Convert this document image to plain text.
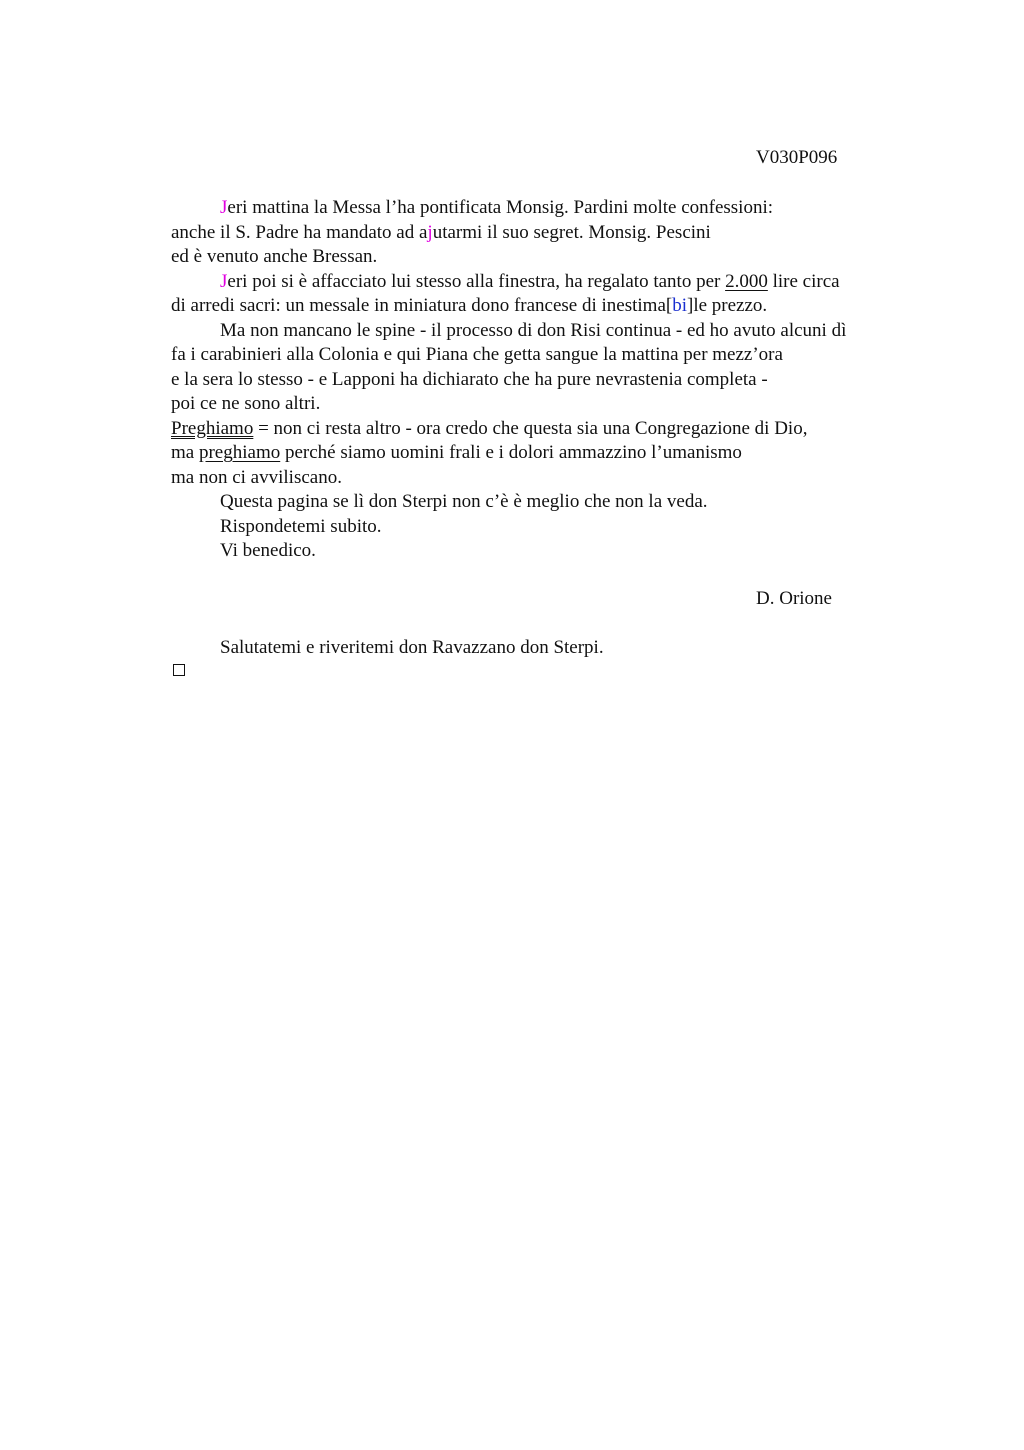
V030P096
Jeri mattina la Messa l’ha pontificata Monsig. Pardini molte confessioni:
anche il S. Padre ha mandato ad ajutarmi il suo segret. Monsig. Pescini
ed è venuto anche Bressan.
Jeri poi si è affacciato lui stesso alla finestra, ha regalato tanto per 2.000 lire circa
di arredi sacri: un messale in miniatura dono francese di inestima[bi]le prezzo.
Ma non mancano le spine - il processo di don Risi continua - ed ho avuto alcuni dì
fa i carabinieri alla Colonia e qui Piana che getta sangue la mattina per mezz’ora
e la sera lo stesso - e Lapponi ha dichiarato che ha pure nevrastenia completa -
poi ce ne sono altri.
Preghiamo = non ci resta altro - ora credo che questa sia una Congregazione di Dio,
ma preghiamo perché siamo uomini frali e i dolori ammazzino l’umanismo
ma non ci avviliscano.
Questa pagina se lì don Sterpi non c’è è meglio che non la veda.
Rispondetemi subito.
Vi benedico.
D. Orione
Salutatemi e riveritemi don Ravazzano don Sterpi.
